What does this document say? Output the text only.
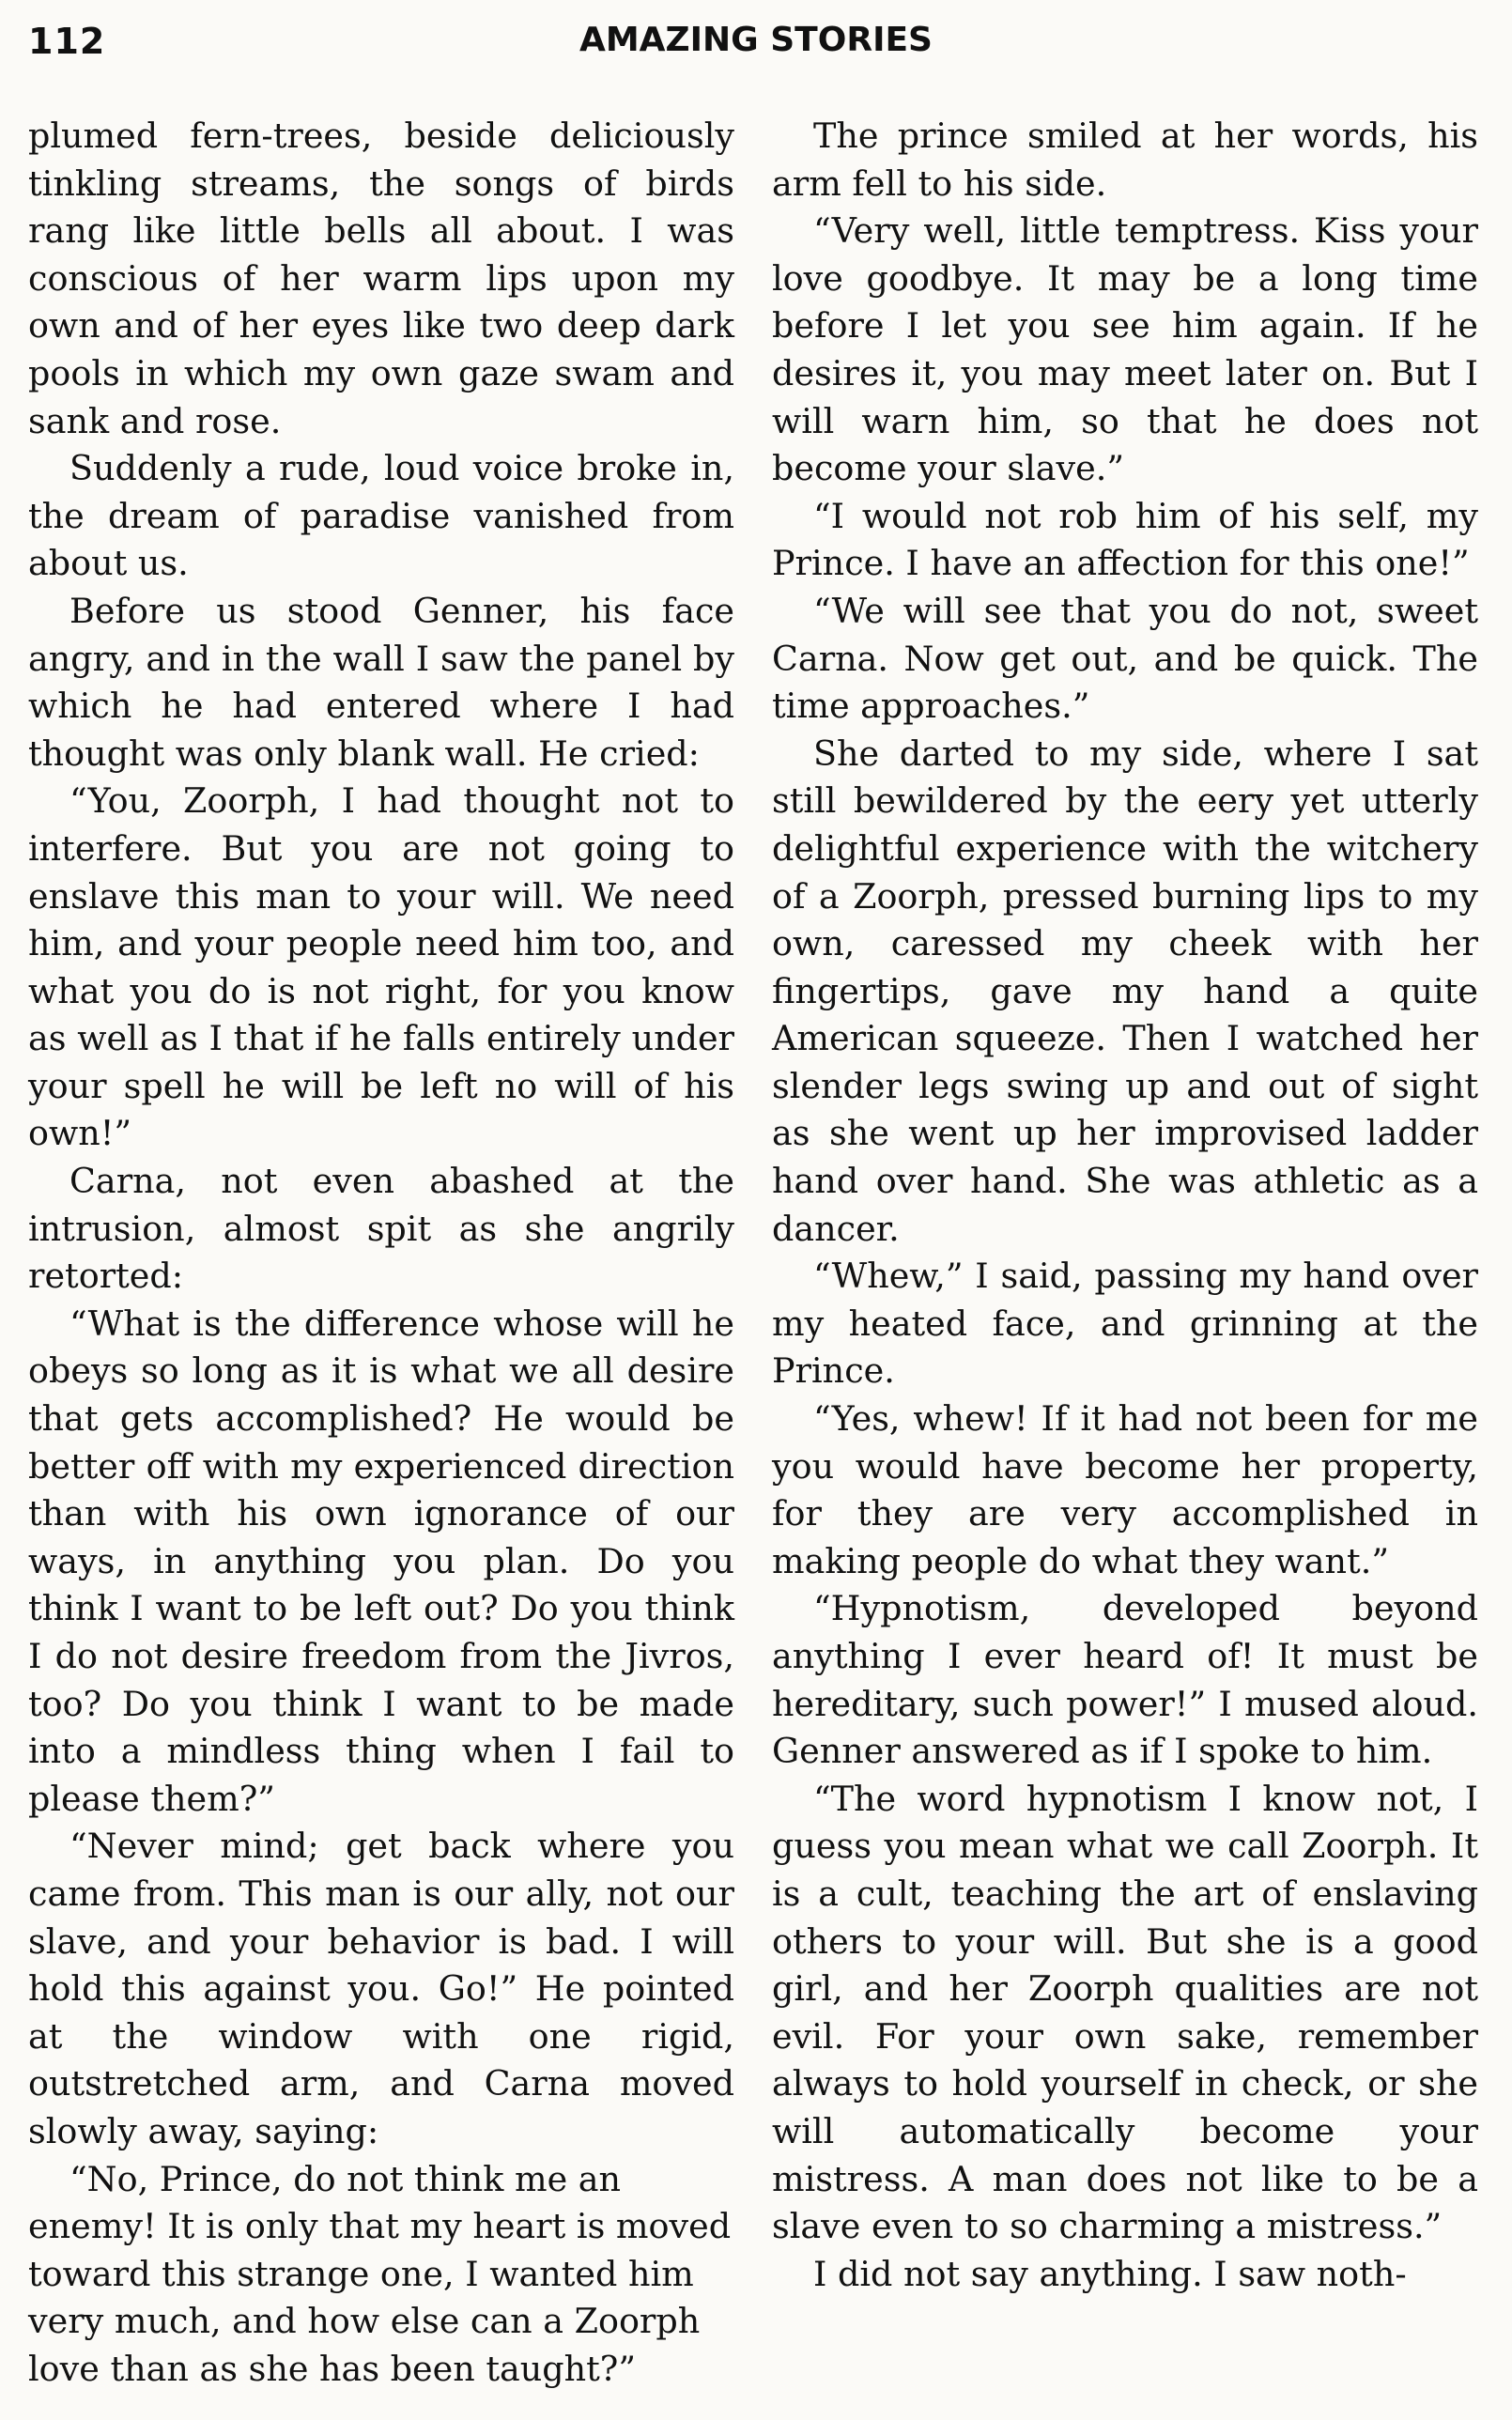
112	AMAZING STORIES

plumed fern-trees, beside deliciously tinkling streams, the songs of birds rang like little bells all about. I was conscious of her warm lips upon my own and of her eyes like two deep dark pools in which my own gaze swam and sank and rose.

Suddenly a rude, loud voice broke in, the dream of paradise vanished from about us.

Before us stood Genner, his face angry, and in the wall I saw the panel by which he had entered where I had thought was only blank wall. He cried:

“You, Zoorph, I had thought not to interfere. But you are not going to enslave this man to your will. We need him, and your people need him too, and what you do is not right, for you know as well as I that if he falls entirely under your spell he will be left no will of his own!”

Carna, not even abashed at the intrusion, almost spit as she angrily retorted:

“What is the difference whose will he obeys so long as it is what we all desire that gets accomplished? He would be better off with my experienced direction than with his own ignorance of our ways, in anything you plan. Do you think I want to be left out? Do you think I do not desire freedom from the Jivros, too? Do you think I want to be made into a mindless thing when I fail to please them?”

“Never mind; get back where you came from. This man is our ally, not our slave, and your behavior is bad. I will hold this against you. Go!” He pointed at the window with one rigid, outstretched arm, and Carna moved slowly away, saying:

“No, Prince, do not think me an enemy! It is only that my heart is moved toward this strange one, I wanted him very much, and how else can a Zoorph love than as she has been taught?”

The prince smiled at her words, his arm fell to his side.

“Very well, little temptress. Kiss your love goodbye. It may be a long time before I let you see him again. If he desires it, you may meet later on. But I will warn him, so that he does not become your slave.”

“I would not rob him of his self, my Prince. I have an affection for this one!”

“We will see that you do not, sweet Carna. Now get out, and be quick. The time approaches.”

She darted to my side, where I sat still bewildered by the eery yet utterly delightful experience with the witchery of a Zoorph, pressed burning lips to my own, caressed my cheek with her fingertips, gave my hand a quite American squeeze. Then I watched her slender legs swing up and out of sight as she went up her improvised ladder hand over hand. She was athletic as a dancer.

“Whew,” I said, passing my hand over my heated face, and grinning at the Prince.

“Yes, whew! If it had not been for me you would have become her property, for they are very accomplished in making people do what they want.”

“Hypnotism, developed beyond anything I ever heard of! It must be hereditary, such power!” I mused aloud. Genner answered as if I spoke to him.

“The word hypnotism I know not, I guess you mean what we call Zoorph. It is a cult, teaching the art of enslaving others to your will. But she is a good girl, and her Zoorph qualities are not evil. For your own sake, remember always to hold yourself in check, or she will automatically become your mistress. A man does not like to be a slave even to so charming a mistress.”

I did not say anything. I saw noth-
